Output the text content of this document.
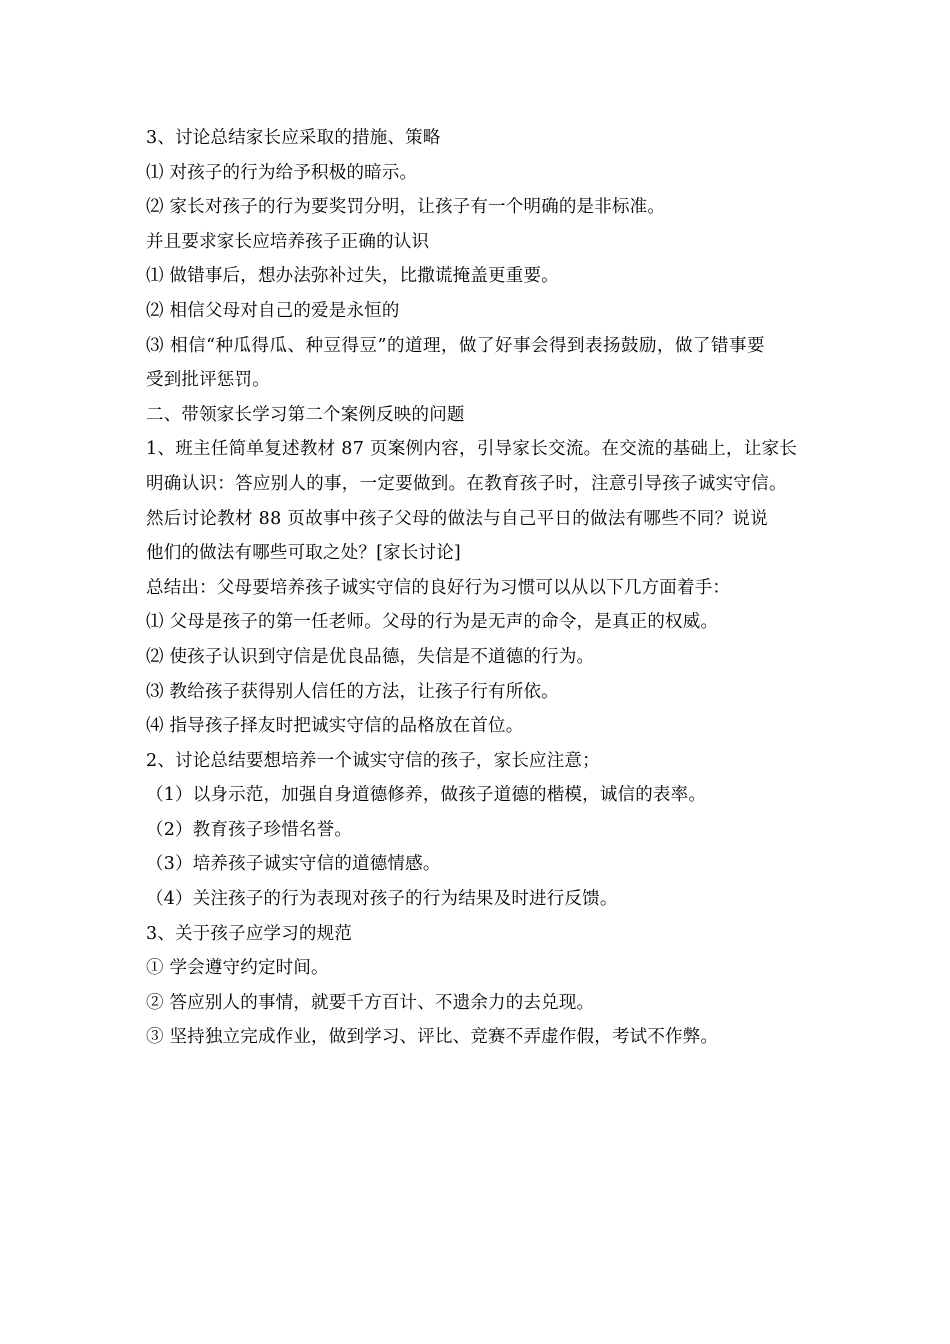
3、讨论总结家长应采取的措施、策略
⑴ 对孩子的行为给予积极的暗示。
⑵ 家长对孩子的行为要奖罚分明，让孩子有一个明确的是非标准。
并且要求家长应培养孩子正确的认识
⑴ 做错事后，想办法弥补过失，比撒谎掩盖更重要。
⑵ 相信父母对自己的爱是永恒的
⑶ 相信“种瓜得瓜、种豆得豆”的道理，做了好事会得到表扬鼓励，做了错事要
受到批评惩罚。
二、带领家长学习第二个案例反映的问题
1、班主任简单复述教材 87 页案例内容，引导家长交流。在交流的基础上，让家长
明确认识：答应别人的事，一定要做到。在教育孩子时，注意引导孩子诚实守信。
然后讨论教材 88 页故事中孩子父母的做法与自己平日的做法有哪些不同？说说
他们的做法有哪些可取之处？[家长讨论]
总结出：父母要培养孩子诚实守信的良好行为习惯可以从以下几方面着手：
⑴ 父母是孩子的第一任老师。父母的行为是无声的命令，是真正的权威。
⑵ 使孩子认识到守信是优良品德，失信是不道德的行为。
⑶ 教给孩子获得别人信任的方法，让孩子行有所依。
⑷ 指导孩子择友时把诚实守信的品格放在首位。
2、讨论总结要想培养一个诚实守信的孩子，家长应注意；
（1）以身示范，加强自身道德修养，做孩子道德的楷模，诚信的表率。
（2）教育孩子珍惜名誉。
（3）培养孩子诚实守信的道德情感。
（4）关注孩子的行为表现对孩子的行为结果及时进行反馈。
3、关于孩子应学习的规范
① 学会遵守约定时间。
② 答应别人的事情，就要千方百计、不遗余力的去兑现。
③ 坚持独立完成作业，做到学习、评比、竞赛不弄虚作假，考试不作弊。
